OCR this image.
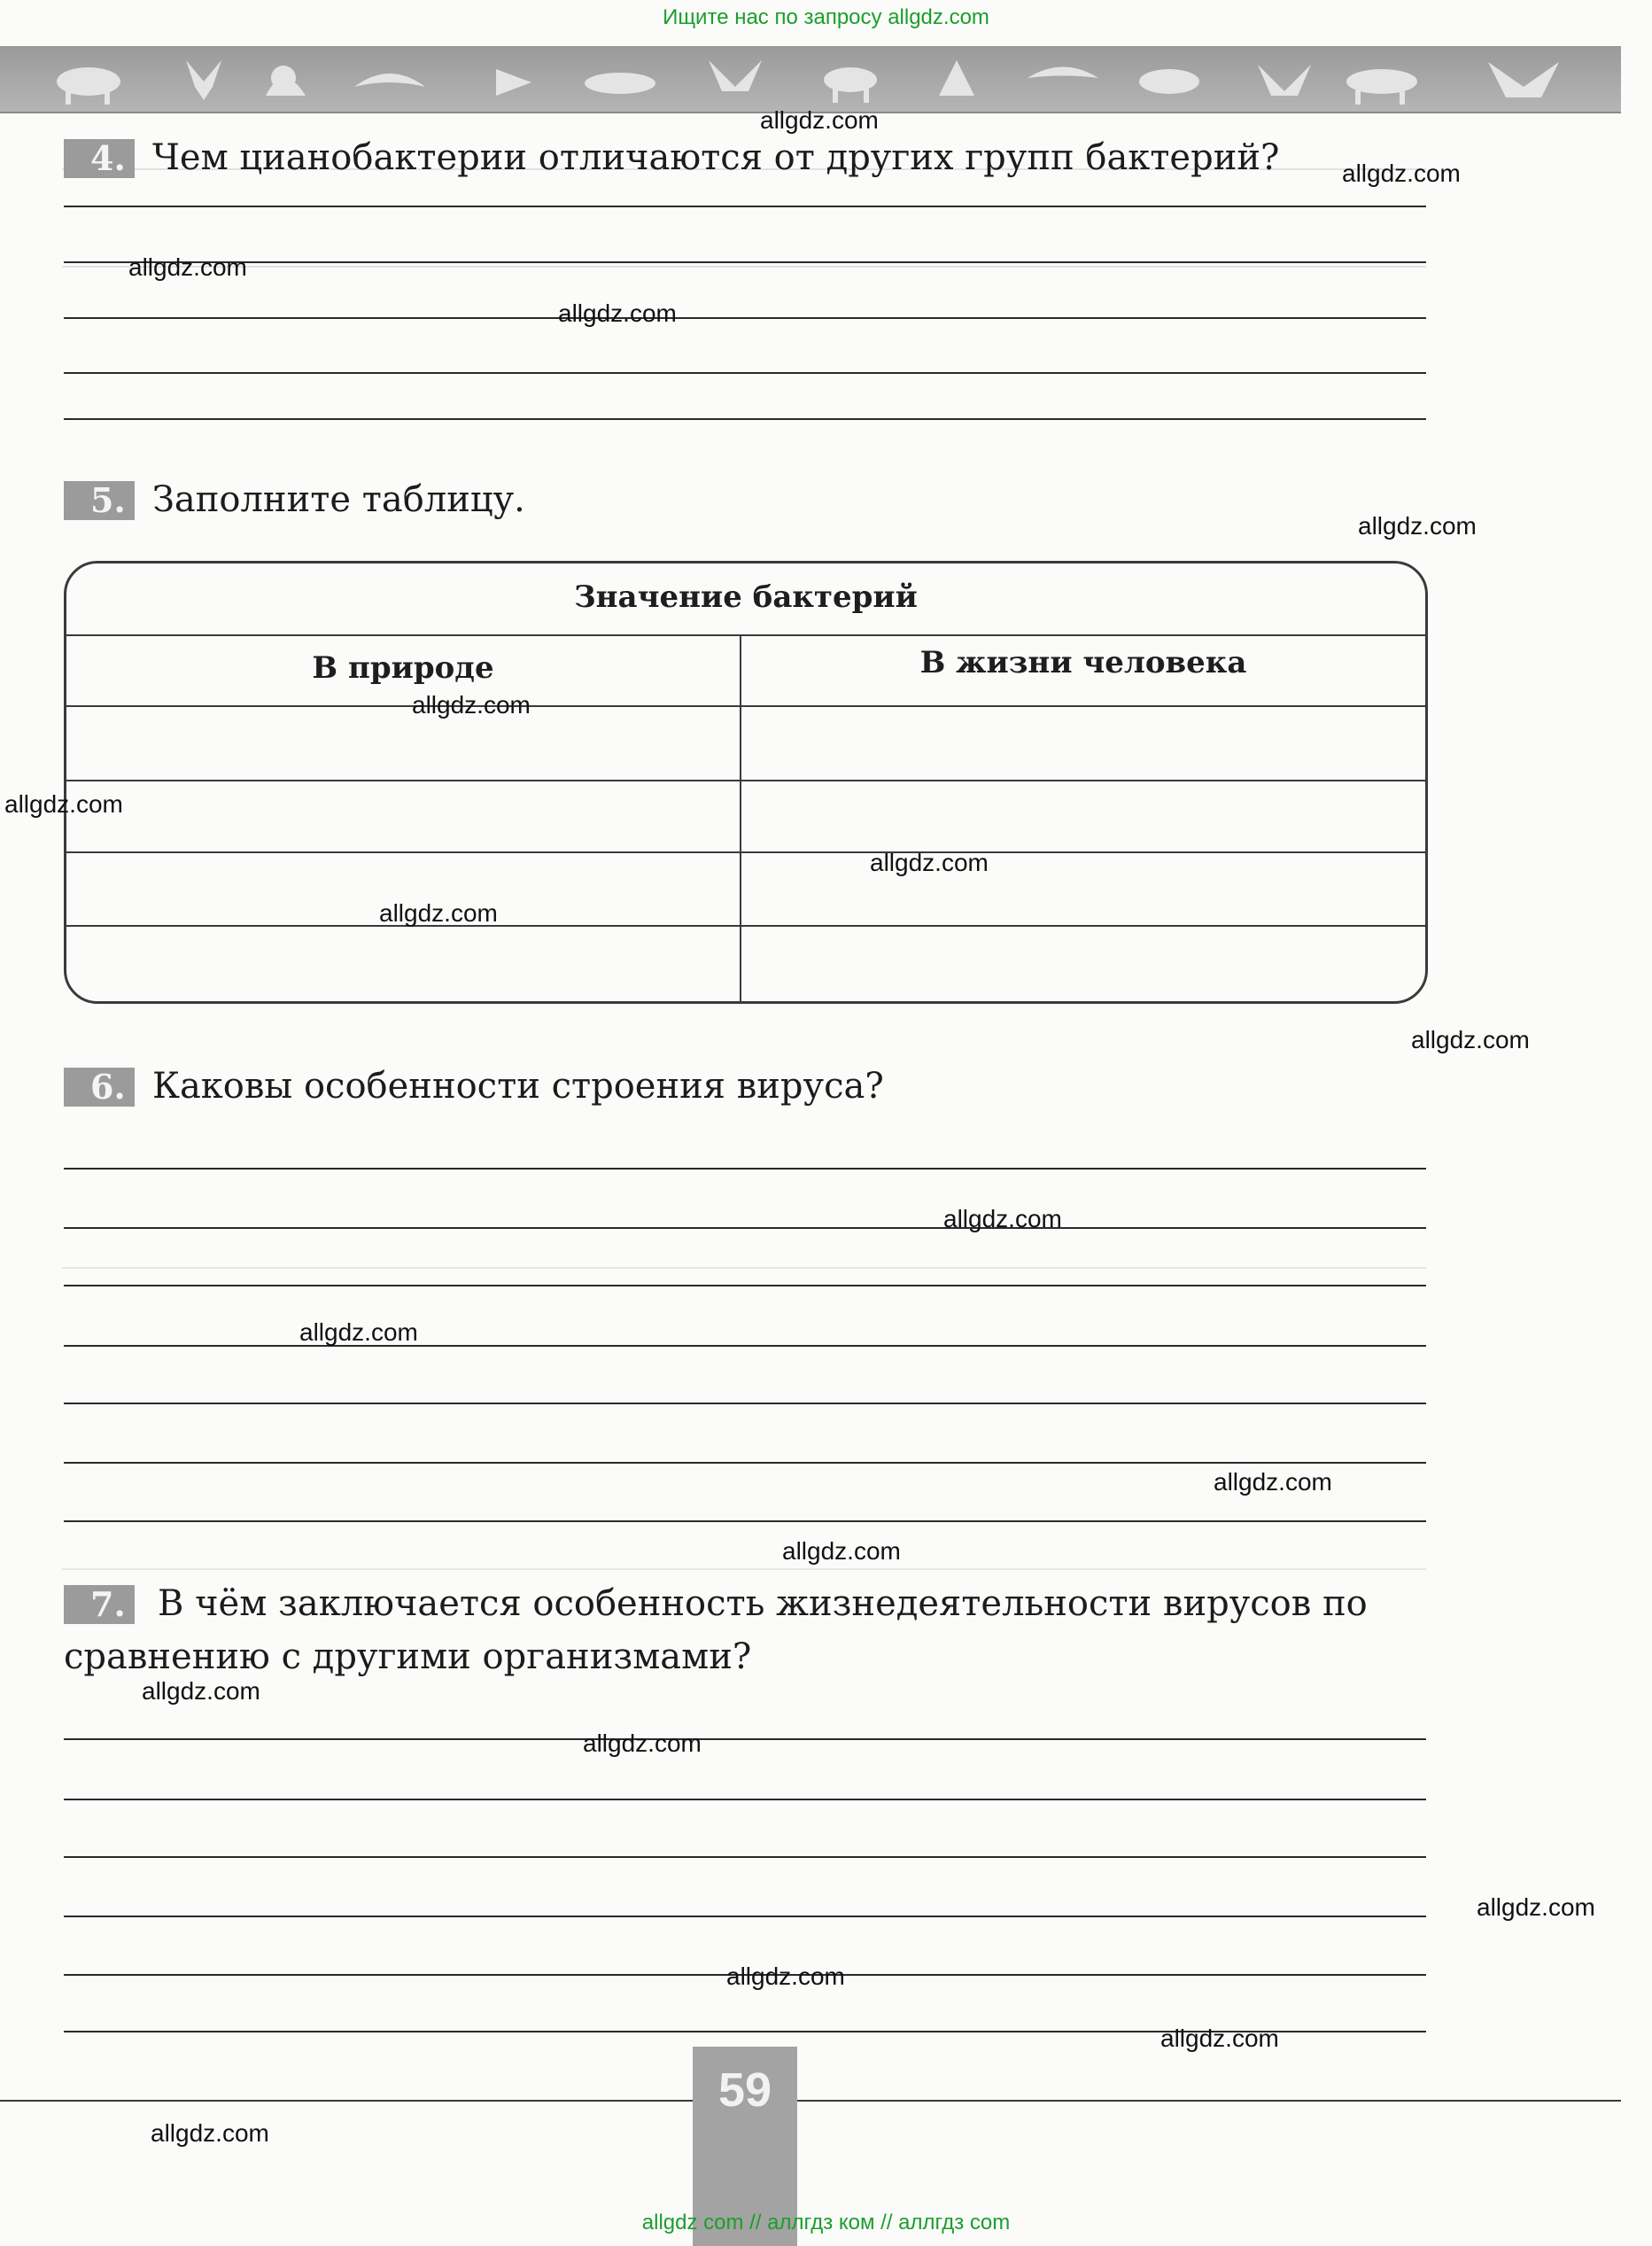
Ищите нас по запросу allgdz.com
4. Чем цианобактерии отличаются от других групп бактерий?
5. Заполните таблицу.
Значение бактерий
В природе	В жизни человека
6. Каковы особенности строения вируса?
7. В чём заключается особенность жизнедеятельности вирусов по
сравнению с другими организмами?
allgdz.com
allgdz.com
allgdz.com
allgdz.com
allgdz.com
allgdz.com
allgdz.com
allgdz.com
allgdz.com
allgdz.com
allgdz.com
allgdz.com
allgdz.com
allgdz.com
allgdz.com
allgdz.com
allgdz.com
allgdz.com
allgdz.com
allgdz.com
59
allgdz com // аллгдз ком // аллгдз com
